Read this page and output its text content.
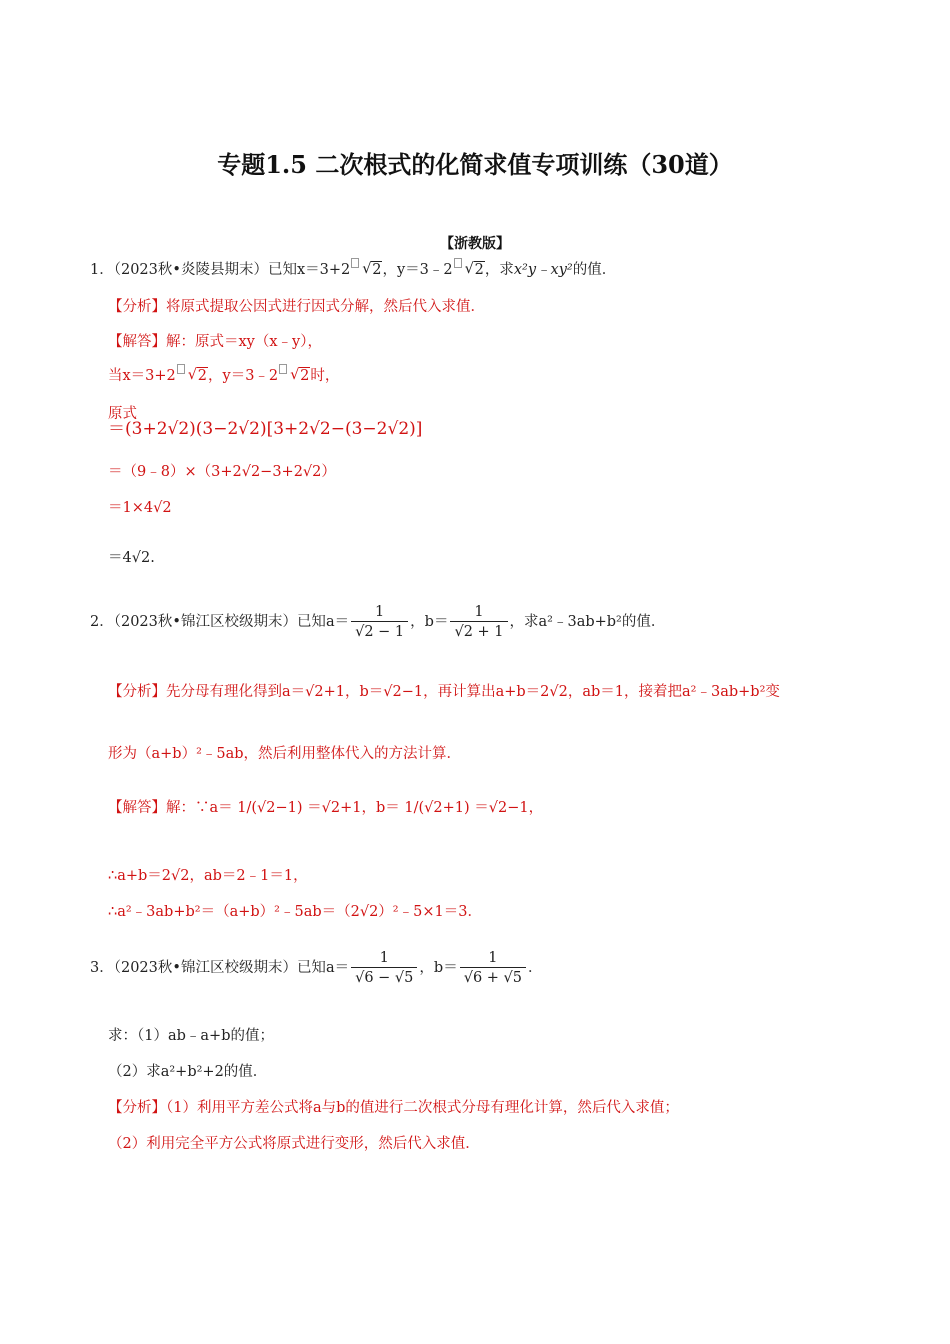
专题1.5 二次根式的化简求值专项训练（30道）
【浙教版】
1．（2023秋•炎陵县期末）已知x＝3+2 √ 2，y＝3﹣2 √ 2，求x²y﹣xy²的值．
【分析】将原式提取公因式进行因式分解，然后代入求值．
【解答】解：原式＝xy（x﹣y），
当x＝3+2 √ 2，y＝3﹣2 √ 2时，
原式
＝(3+2√2)(3−2√2)[3+2√2−(3−2√2)]
＝（9﹣8）×（3+2√2−3+2√2）
＝1×4√2
＝4√2.
2．（2023秋•锦江区校级期末）已知$a= \frac{1}{√2 - 1}$ ，$b= \frac{1}{√2 + 1}$ ，求a²﹣3ab+b²的值．
【分析】先分母有理化得到a＝√2+1，b＝√2−1，再计算出a+b＝2√2，ab＝1，接着把a²﹣3ab+b²变
形为（a+b）²﹣5ab，然后利用整体代入的方法计算．
【解答】解：∵a＝ 1/(√2−1) ＝√2+1，b＝ 1/(√2+1) ＝√2−1，
∴a+b＝2√2，ab＝2﹣1＝1，
∴a²﹣3ab+b²＝（a+b）²﹣5ab＝（2√2）²﹣5×1＝3．
3．（2023秋•锦江区校级期末）已知$a= \frac{1}{√6 - √5}$ ，$b= \frac{1}{√6 + √5}$ ．
求：（1）ab﹣a+b的值；
（2）求a²+b²+2的值．
【分析】（1）利用平方差公式将a与b的值进行二次根式分母有理化计算，然后代入求值；
（2）利用完全平方公式将原式进行变形，然后代入求值．
